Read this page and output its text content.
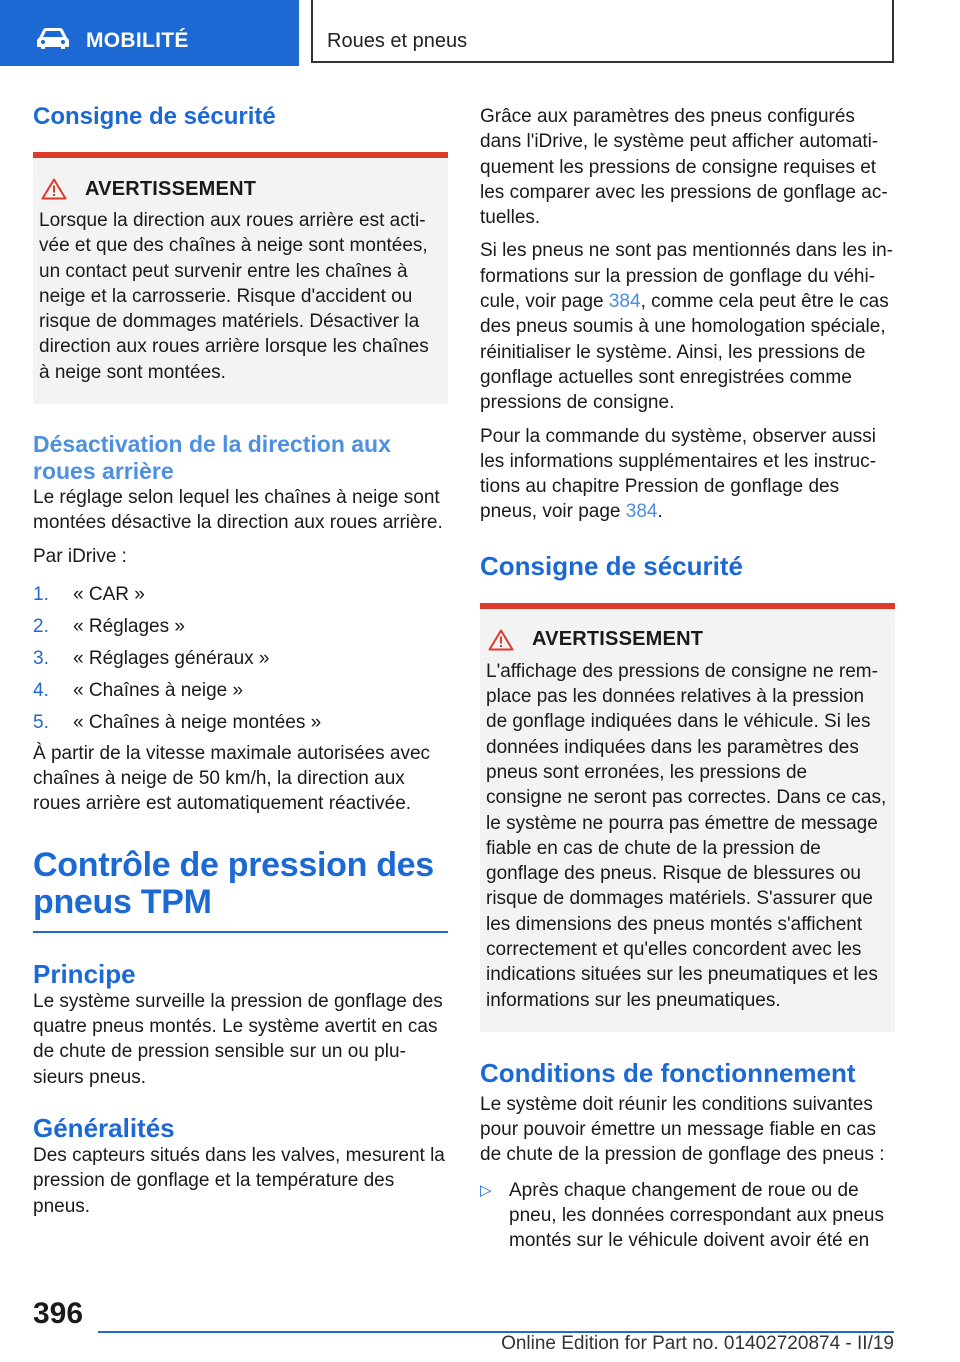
MOBILITÉ	Roues et pneus
Consigne de sécurité
AVERTISSEMENT

Lorsque la direction aux roues arrière est activée et que des chaînes à neige sont montées, un contact peut survenir entre les chaînes à neige et la carrosserie. Risque d'accident ou risque de dommages matériels. Désactiver la direction aux roues arrière lorsque les chaînes à neige sont montées.

Désactivation de la direction aux roues arrière

Le réglage selon lequel les chaînes à neige sont montées désactive la direction aux roues arrière.

Par iDrive :

1.	« CAR »
2.	« Réglages »
3.	« Réglages généraux »
4.	« Chaînes à neige »
5.	« Chaînes à neige montées »

À partir de la vitesse maximale autorisées avec chaînes à neige de 50 km/h, la direction aux roues arrière est automatiquement réactivée.

Contrôle de pression des pneus TPM
Principe

Le système surveille la pression de gonflage des quatre pneus montés. Le système avertit en cas de chute de pression sensible sur un ou plusieurs pneus.

Généralités

Des capteurs situés dans les valves, mesurent la pression de gonflage et la température des pneus.

Grâce aux paramètres des pneus configurés dans l'iDrive, le système peut afficher automatiquement les pressions de consigne requises et les comparer avec les pressions de gonflage actuelles.

Si les pneus ne sont pas mentionnés dans les informations sur la pression de gonflage du véhicule, voir page 384, comme cela peut être le cas des pneus soumis à une homologation spéciale, réinitialiser le système. Ainsi, les pressions de gonflage actuelles sont enregistrées comme pressions de consigne.

Pour la commande du système, observer aussi les informations supplémentaires et les instructions au chapitre Pression de gonflage des pneus, voir page 384.

Consigne de sécurité
AVERTISSEMENT

L'affichage des pressions de consigne ne remplace pas les données relatives à la pression de gonflage indiquées dans le véhicule. Si les données indiquées dans les paramètres des pneus sont erronées, les pressions de consigne ne seront pas correctes. Dans ce cas, le système ne pourra pas émettre de message fiable en cas de chute de la pression de gonflage des pneus. Risque de blessures ou risque de dommages matériels. S'assurer que les dimensions des pneus montés s'affichent correctement et qu'elles concordent avec les indications situées sur les pneumatiques et les informations sur les pneumatiques.

Conditions de fonctionnement

Le système doit réunir les conditions suivantes pour pouvoir émettre un message fiable en cas de chute de la pression de gonflage des pneus :

▷ Après chaque changement de roue ou de pneu, les données correspondant aux pneus montés sur le véhicule doivent avoir été en
396
Online Edition for Part no. 01402720874 - II/19
